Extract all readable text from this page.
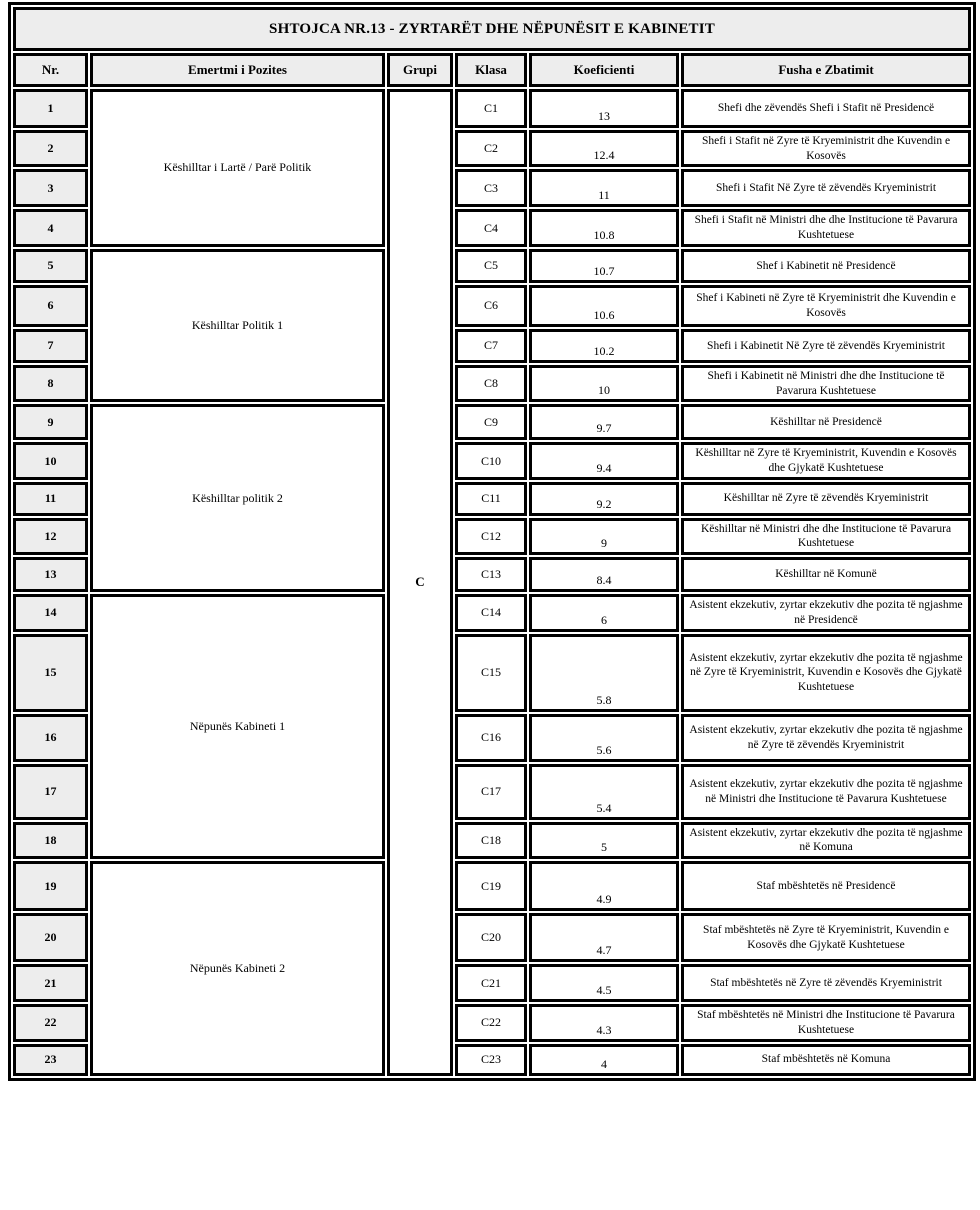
SHTOJCA NR.13 - ZYRTARËT DHE NËPUNËSIT E KABINETIT					
Nr.	Emertmi i Pozites	Grupi	Klasa	Koeficienti	Fusha e Zbatimit
1	Këshilltar i Lartë / Parë Politik	C	C1	13	Shefi dhe zëvendës Shefi i Stafit në Presidencë
2			C2	12.4	Shefi i Stafit në Zyre të Kryeministrit dhe Kuvendin e Kosovës
3			C3	11	Shefi i Stafit Në Zyre të zëvendës Kryeministrit
4			C4	10.8	Shefi i Stafit në Ministri dhe dhe Institucione të Pavarura Kushtetuese
5	Këshilltar Politik 1		C5	10.7	Shef i Kabinetit në Presidencë
6			C6	10.6	Shef i Kabineti në Zyre të Kryeministrit dhe Kuvendin e Kosovës
7			C7	10.2	Shefi i Kabinetit Në Zyre të zëvendës Kryeministrit
8			C8	10	Shefi i Kabinetit në Ministri dhe dhe Institucione të Pavarura Kushtetuese
9	Këshilltar politik 2		C9	9.7	Këshilltar në Presidencë
10			C10	9.4	Këshilltar në Zyre të Kryeministrit, Kuvendin e Kosovës dhe Gjykatë Kushtetuese
11			C11	9.2	Këshilltar në Zyre të zëvendës Kryeministrit
12			C12	9	Këshilltar në Ministri dhe dhe Institucione të Pavarura Kushtetuese
13			C13	8.4	Këshilltar në Komunë
14	Nëpunës Kabineti 1		C14	6	Asistent ekzekutiv, zyrtar ekzekutiv dhe pozita të ngjashme në Presidencë
15			C15	5.8	Asistent ekzekutiv, zyrtar ekzekutiv dhe pozita të ngjashme në Zyre të Kryeministrit, Kuvendin e Kosovës dhe Gjykatë Kushtetuese
16			C16	5.6	Asistent ekzekutiv, zyrtar ekzekutiv dhe pozita të ngjashme në Zyre të zëvendës Kryeministrit
17			C17	5.4	Asistent ekzekutiv, zyrtar ekzekutiv dhe pozita të ngjashme në Ministri dhe Institucione të Pavarura Kushtetuese
18			C18	5	Asistent ekzekutiv, zyrtar ekzekutiv dhe pozita të ngjashme në Komuna
19	Nëpunës Kabineti 2		C19	4.9	Staf mbështetës në Presidencë
20			C20	4.7	Staf mbështetës në Zyre të Kryeministrit, Kuvendin e Kosovës dhe Gjykatë Kushtetuese
21			C21	4.5	Staf mbështetës në Zyre të zëvendës Kryeministrit
22			C22	4.3	Staf mbështetës në Ministri dhe Institucione të Pavarura Kushtetuese
23			C23	4	Staf mbështetës në Komuna
